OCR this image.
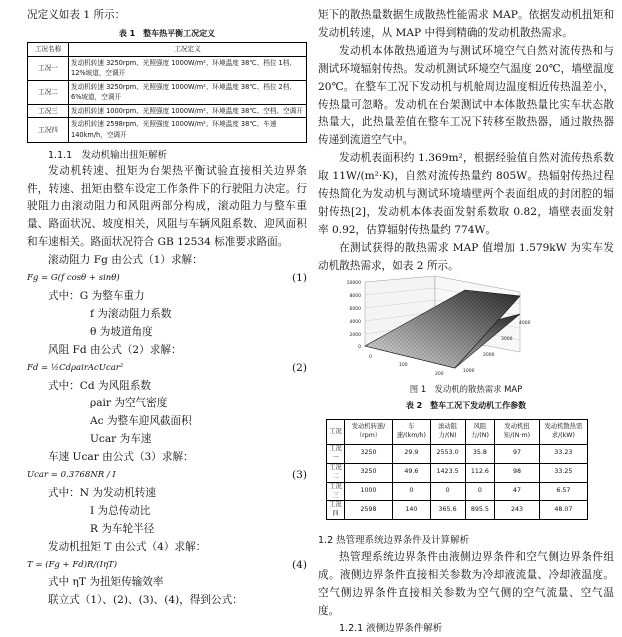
况定义如表 1 所示：

表 1　整车热平衡工况定义

工况名称	工况定义
工况一	发动机转速 3250rpm、光照强度 1000W/m²、环境温度 38℃、档位 1档、12%坡道，空调开
工况二	发动机转速 3250rpm、光照强度 1000W/m²、环境温度 38℃、档位 2档、6%坡道，空调开
工况三	发动机转速 1000rpm、光照强度 1000W/m²、环境温度 38℃、空档、空调开
工况四	发动机转速 2598rpm、光照强度 1000W/m²、环境温度 38℃、车速140km/h，空调开

1.1.1　发动机输出扭矩解析

发动机转速、扭矩为台架热平衡试验直接相关边界条件，转速、扭矩由整车设定工作条件下的行驶阻力决定。行驶阻力由滚动阻力和风阻两部分构成，滚动阻力与整车重量、路面状况、坡度相关，风阻与车辆风阻系数、迎风面积和车速相关。路面状况符合 GB 12534 标准要求路面。

滚动阻力 Fg 由公式（1）求解：

Fg = G(f cosθ + sinθ)	(1)

式中：G 为整车重力

f 为滚动阻力系数

θ 为坡道角度

风阻 Fd 由公式（2）求解：

Fd = ½CdρairAcUcar²	(2)

式中：Cd 为风阻系数

ρair 为空气密度

Ac 为整车迎风截面积

Ucar 为车速

车速 Ucar 由公式（3）求解：

Ucar = 0.3768NR / I	(3)

式中：N 为发动机转速

I 为总传动比

R 为车轮半径

发动机扭矩 T 由公式（4）求解：

T = (Fg + Fd)R/(IηT)	(4)

式中 ηT 为扭矩传输效率

联立式（1）、(2)、(3)、(4)，得到公式：

矩下的散热量数据生成散热性能需求 MAP。依据发动机扭矩和发动机转速，从 MAP 中得到精确的发动机散热需求。

发动机本体散热通道为与测试环境空气自然对流传热和与测试环境辐射传热。发动机测试环境空气温度 20℃，墙壁温度 20℃。在整车工况下发动机与机舱周边温度相近传热温差小，传热量可忽略。发动机在台架测试中本体散热量比实车状态散热量大，此热量差值在整车工况下转移至散热器，通过散热器传递到流道空气中。

发动机表面积约 1.369m²，根据经验值自然对流传热系数取 11W/(m²·K)，自然对流传热量约 805W。热辐射传热过程传热简化为发动机与测试环境墙壁两个表面组成的封闭腔的辐射传热[2]，发动机本体表面发射系数取 0.82，墙壁表面发射率 0.92，估算辐射传热量约 774W。

在测试获得的散热需求 MAP 值增加 1.579kW 为实车发动机散热需求，如表 2 所示。

10000
8000
6000
4000
2000
0
0
100
200
1000
2000
3000
4000

图 1　发动机的散热需求 MAP

表 2　整车工况下发动机工作参数

工况	发动机转速/（rpm）	车速/(km/h)	滚动阻力/(N)	风阻力/(N)	发动机扭矩/(N·m)	发动机散热需求/(kW)
工况一	3250	29.9	2553.0	35.8	97	33.23
工况二	3250	49.6	1423.5	112.6	98	33.25
工况三	1000	0	0	0	47	6.57
工况四	2598	140	365.6	895.5	243	48.07

1.2 热管理系统边界条件及计算解析

热管理系统边界条件由液侧边界条件和空气侧边界条件组成。液侧边界条件直接相关参数为冷却液流量、冷却液温度。空气侧边界条件直接相关参数为空气侧的空气流量、空气温度。

1.2.1 液侧边界条件解析
